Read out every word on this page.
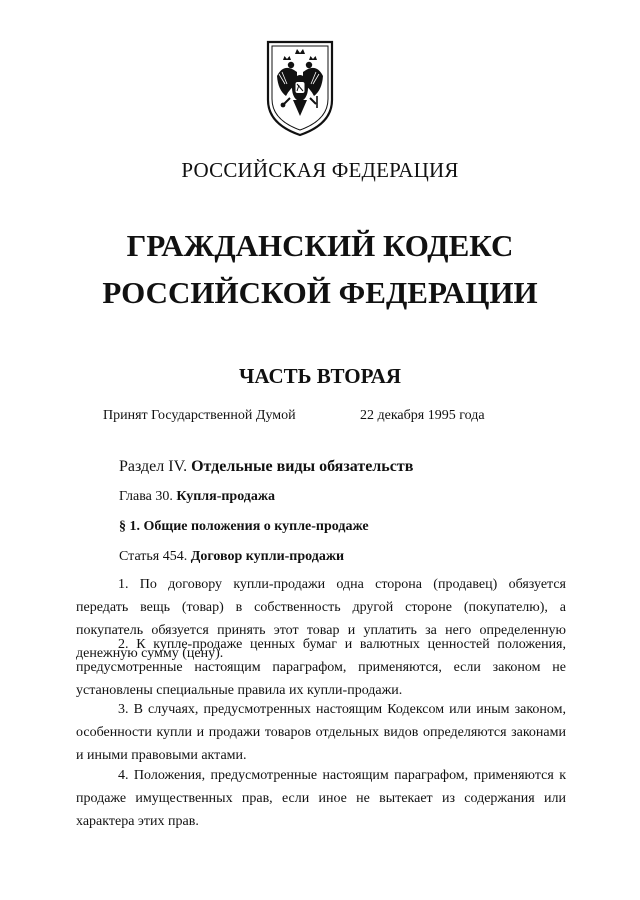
РОССИЙСКАЯ ФЕДЕРАЦИЯ
ГРАЖДАНСКИЙ КОДЕКС
РОССИЙСКОЙ ФЕДЕРАЦИИ
ЧАСТЬ ВТОРАЯ
Принят Государственной Думой	22 декабря 1995 года
Раздел IV. Отдельные виды обязательств
Глава 30. Купля-продажа
§ 1. Общие положения о купле-продаже
Статья 454. Договор купли-продажи

1. По договору купли-продажи одна сторона (продавец) обязуется передать вещь (товар) в собственность другой стороне (покупателю), а покупатель обязуется принять этот товар и уплатить за него определенную денежную сумму (цену).

2. К купле-продаже ценных бумаг и валютных ценностей положения, предусмотренные настоящим параграфом, применяются, если законом не установлены специальные правила их купли-продажи.

3. В случаях, предусмотренных настоящим Кодексом или иным законом, особенности купли и продажи товаров отдельных видов определяются законами и иными правовыми актами.

4. Положения, предусмотренные настоящим параграфом, применяются к продаже имущественных прав, если иное не вытекает из содержания или характера этих прав.
